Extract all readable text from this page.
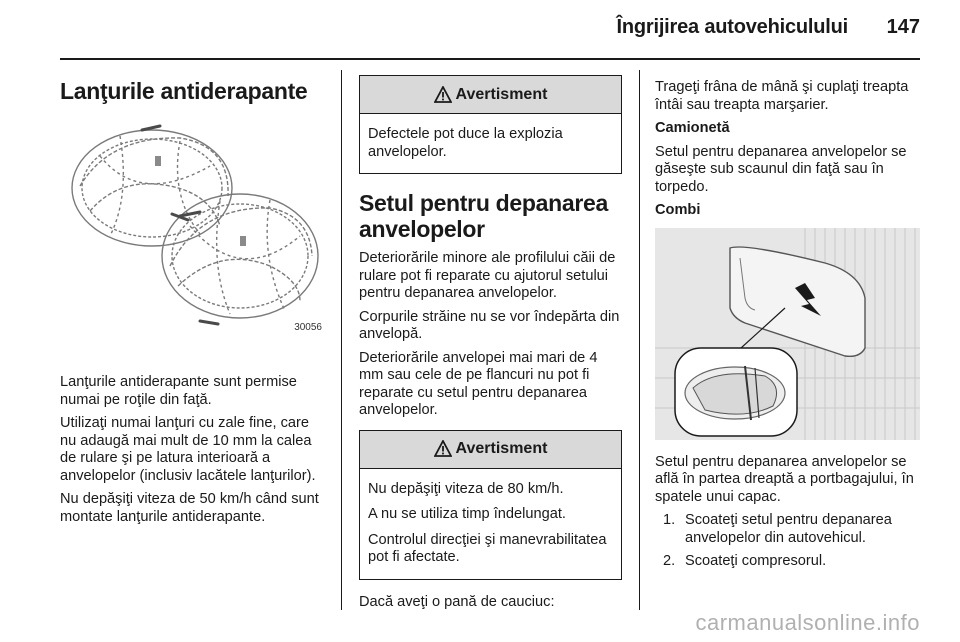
Îngrijirea autovehiculului 147
Lanţurile antiderapante
30056

Lanţurile antiderapante sunt permise numai pe roţile din faţă.

Utilizaţi numai lanţuri cu zale fine, care nu adaugă mai mult de 10 mm la calea de rulare şi pe latura interioară a anvelopelor (inclusiv lacătele lanţurilor).

Nu depăşiţi viteza de 50 km/h când sunt montate lanţurile antiderapante.

Avertisment

Defectele pot duce la explozia anvelopelor.

Setul pentru depanarea anvelopelor

Deteriorările minore ale profilului căii de rulare pot fi reparate cu ajutorul setului pentru depanarea anvelopelor.

Corpurile străine nu se vor îndepărta din anvelopă.

Deteriorările anvelopei mai mari de 4 mm sau cele de pe flancuri nu pot fi reparate cu setul pentru depanarea anvelopelor.

Avertisment

Nu depăşiţi viteza de 80 km/h.

A nu se utiliza timp îndelungat.

Controlul direcţiei şi manevrabilitatea pot fi afectate.

Dacă aveţi o pană de cauciuc:

Trageţi frâna de mână şi cuplaţi treapta întâi sau treapta marşarier.

Camionetă

Setul pentru depanarea anvelopelor se găseşte sub scaunul din faţă sau în torpedo.

Combi

Setul pentru depanarea anvelopelor se află în partea dreaptă a portbagajului, în spatele unui capac.

1. Scoateţi setul pentru depanarea anvelopelor din autovehicul.
2. Scoateţi compresorul.
carmanualsonline.info
